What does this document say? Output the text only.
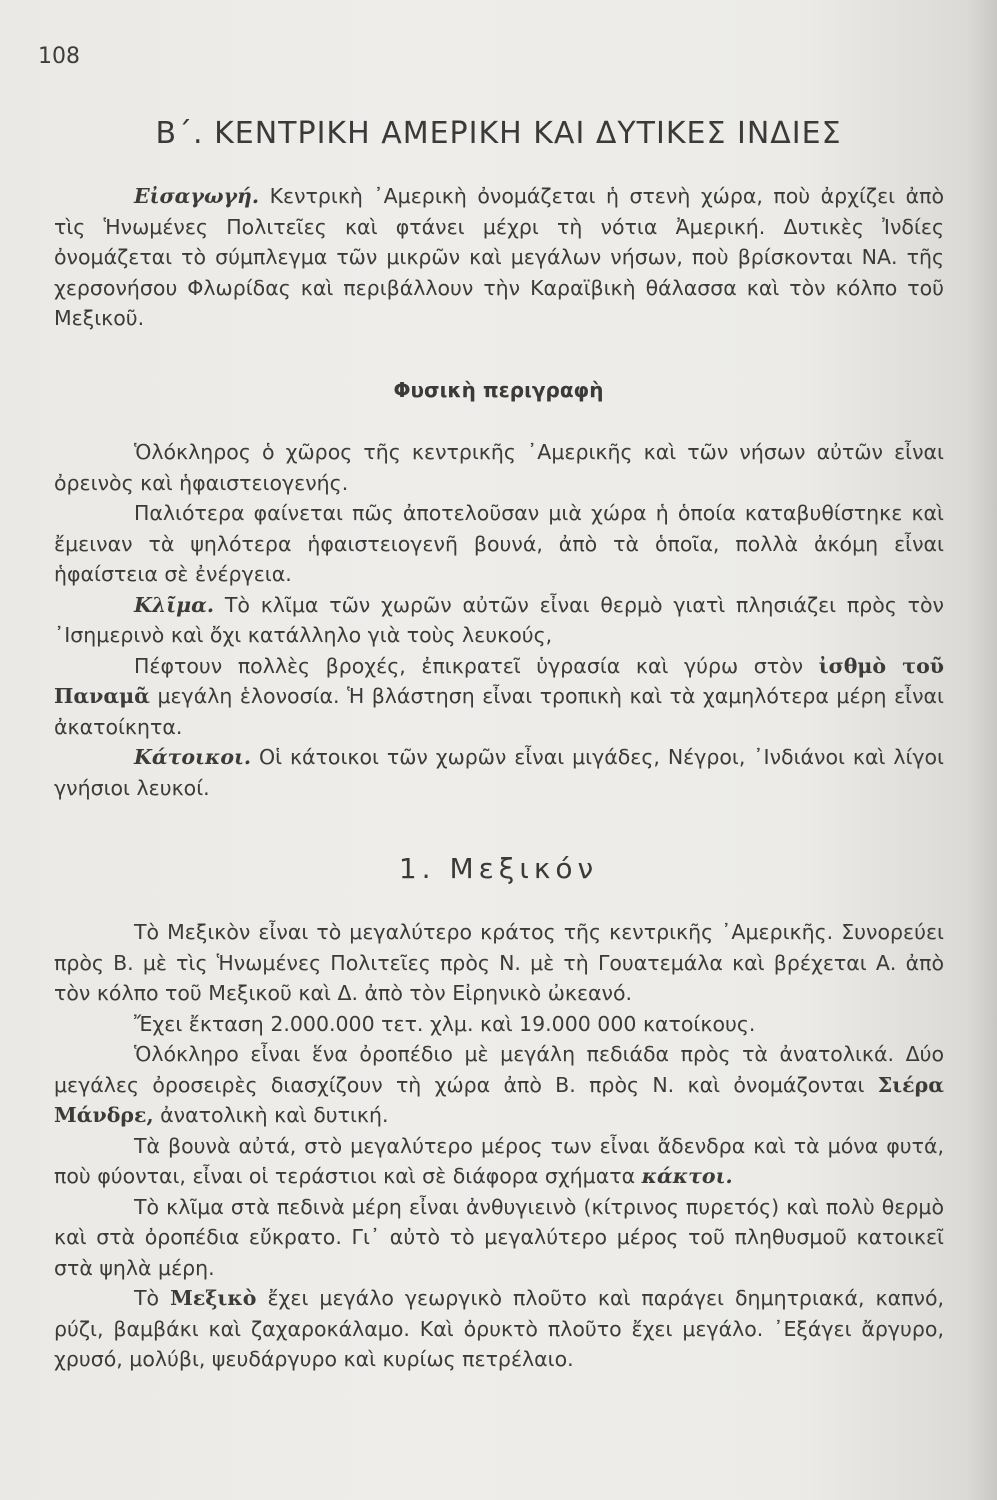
108
Β΄. ΚΕΝΤΡΙΚΗ ΑΜΕΡΙΚΗ ΚΑΙ ΔΥΤΙΚΕΣ ΙΝΔΙΕΣ

Εἰσαγωγή. Κεντρικὴ ᾿Αμερικὴ ὀνομάζεται ἡ στενὴ χώρα, ποὺ ἀρχίζει ἀπὸ τὶς Ἡνωμένες Πολιτεῖες καὶ φτάνει μέχρι τὴ νότια Ἀμερική. Δυτικὲς Ἰνδίες ὀνομάζεται τὸ σύμπλεγμα τῶν μικρῶν καὶ μεγάλων νήσων, ποὺ βρίσκονται ΝΑ. τῆς χερσονήσου Φλωρίδας καὶ περιβάλλουν τὴν Καραϊβικὴ θάλασσα καὶ τὸν κόλπο τοῦ Μεξικοῦ.

Φυσικὴ περιγραφὴ

Ὁλόκληρος ὁ χῶρος τῆς κεντρικῆς ᾿Αμερικῆς καὶ τῶν νήσων αὐτῶν εἶναι ὀρεινὸς καὶ ἡφαιστειογενής.

Παλιότερα φαίνεται πῶς ἀποτελοῦσαν μιὰ χώρα ἡ ὁποία καταβυθίστηκε καὶ ἔμειναν τὰ ψηλότερα ἡφαιστειογενῆ βουνά, ἀπὸ τὰ ὁποῖα, πολλὰ ἀκόμη εἶναι ἡφαίστεια σὲ ἐνέργεια.

Κλῖμα. Τὸ κλῖμα τῶν χωρῶν αὐτῶν εἶναι θερμὸ γιατὶ πλησιάζει πρὸς τὸν ᾿Ισημερινὸ καὶ ὄχι κατάλληλο γιὰ τοὺς λευκούς,

Πέφτουν πολλὲς βροχές, ἐπικρατεῖ ὑγρασία καὶ γύρω στὸν ἰσθμὸ τοῦ Παναμᾶ μεγάλη ἑλονοσία. Ἡ βλάστηση εἶναι τροπικὴ καὶ τὰ χαμηλότερα μέρη εἶναι ἀκατοίκητα.

Κάτοικοι. Οἱ κάτοικοι τῶν χωρῶν εἶναι μιγάδες, Νέγροι, ᾿Ινδιάνοι καὶ λίγοι γνήσιοι λευκοί.

1. Μεξικόν

Τὸ Μεξικὸν εἶναι τὸ μεγαλύτερο κράτος τῆς κεντρικῆς ᾿Αμερικῆς. Συνορεύει πρὸς Β. μὲ τὶς Ἡνωμένες Πολιτεῖες πρὸς Ν. μὲ τὴ Γουατεμάλα καὶ βρέχεται Α. ἀπὸ τὸν κόλπο τοῦ Μεξικοῦ καὶ Δ. ἀπὸ τὸν Εἰρηνικὸ ὠκεανό.

Ἔχει ἔκταση 2.000.000 τετ. χλμ. καὶ 19.000 000 κατοίκους.

Ὁλόκληρο εἶναι ἕνα ὀροπέδιο μὲ μεγάλη πεδιάδα πρὸς τὰ ἀνατολικά. Δύο μεγάλες ὀροσειρὲς διασχίζουν τὴ χώρα ἀπὸ Β. πρὸς Ν. καὶ ὀνομάζονται Σιέρα Μάνδρε, ἀνατολικὴ καὶ δυτική.

Τὰ βουνὰ αὐτά, στὸ μεγαλύτερο μέρος των εἶναι ἄδενδρα καὶ τὰ μόνα φυτά, ποὺ φύονται, εἶναι οἱ τεράστιοι καὶ σὲ διάφορα σχήματα κάκτοι.

Τὸ κλῖμα στὰ πεδινὰ μέρη εἶναι ἀνθυγιεινὸ (κίτρινος πυρετός) καὶ πολὺ θερμὸ καὶ στὰ ὀροπέδια εὔκρατο. Γι᾿ αὐτὸ τὸ μεγαλύτερο μέρος τοῦ πληθυσμοῦ κατοικεῖ στὰ ψηλὰ μέρη.

Τὸ Μεξικὸ ἔχει μεγάλο γεωργικὸ πλοῦτο καὶ παράγει δημητριακά, καπνό, ρύζι, βαμβάκι καὶ ζαχαροκάλαμο. Καὶ ὀρυκτὸ πλοῦτο ἔχει μεγάλο. ᾿Εξάγει ἄργυρο, χρυσό, μολύβι, ψευδάργυρο καὶ κυρίως πετρέλαιο.
